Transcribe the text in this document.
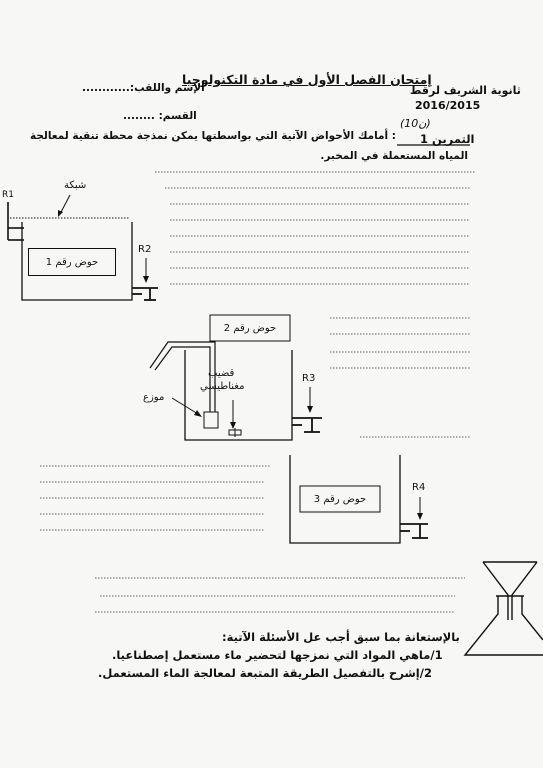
ثانوية الشريف لرقط
2016/2015
إمتحان الفصل الأول في مادة التكنولوجيا
الإسم واللقب:............
القسم: ........
التمرين 1
(10ن)
: أمامك الأحواض الآتية التي بواسطتها يمكن نمذجة محطة تنقية لمعالجة
المياه المستعملة في المخبر.
شبكة
R1
R2
حوض رقم 1
حوض رقم 2
قضيب
مغناطيسي
موزع
R3
حوض رقم 3
R4
بالإستعانة بما سبق أجب عل الأسئلة الآتية:
1/ماهي المواد التي نمزجها لتحضير ماء مستعمل إصطناعيا.
2/إشرح بالتفصيل الطريقة المتبعة لمعالجة الماء المستعمل.
